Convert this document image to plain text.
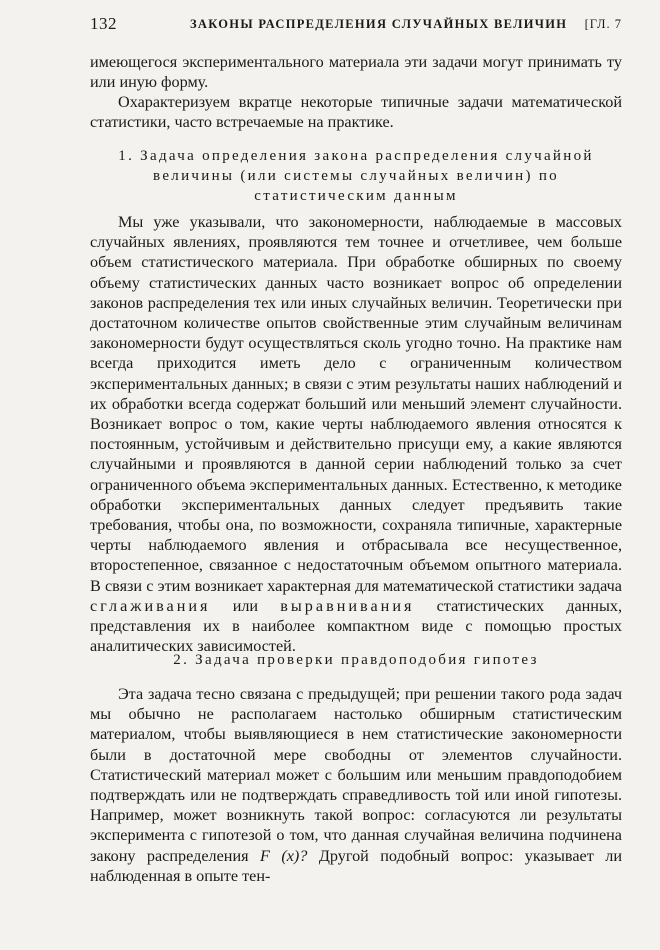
132	ЗАКОНЫ РАСПРЕДЕЛЕНИЯ СЛУЧАЙНЫХ ВЕЛИЧИН [ГЛ. 7

имеющегося экспериментального материала эти задачи могут принимать ту или иную форму.

Охарактеризуем вкратце некоторые типичные задачи математической статистики, часто встречаемые на практике.

1. Задача определения закона распределения случайной величины (или системы случайных величин) по статистическим данным

Мы уже указывали, что закономерности, наблюдаемые в массовых случайных явлениях, проявляются тем точнее и отчетливее, чем больше объем статистического материала. При обработке обширных по своему объему статистических данных часто возникает вопрос об определении законов распределения тех или иных случайных величин. Теоретически при достаточном количестве опытов свойственные этим случайным величинам закономерности будут осуществляться сколь угодно точно. На практике нам всегда приходится иметь дело с ограниченным количеством экспериментальных данных; в связи с этим результаты наших наблюдений и их обработки всегда содержат больший или меньший элемент случайности. Возникает вопрос о том, какие черты наблюдаемого явления относятся к постоянным, устойчивым и действительно присущи ему, а какие являются случайными и проявляются в данной серии наблюдений только за счет ограниченного объема экспериментальных данных. Естественно, к методике обработки экспериментальных данных следует предъявить такие требования, чтобы она, по возможности, сохраняла типичные, характерные черты наблюдаемого явления и отбрасывала все несущественное, второстепенное, связанное с недостаточным объемом опытного материала. В связи с этим возникает характерная для математической статистики задача сглаживания или выравнивания статистических данных, представления их в наиболее компактном виде с помощью простых аналитических зависимостей.

2. Задача проверки правдоподобия гипотез

Эта задача тесно связана с предыдущей; при решении такого рода задач мы обычно не располагаем настолько обширным статистическим материалом, чтобы выявляющиеся в нем статистические закономерности были в достаточной мере свободны от элементов случайности. Статистический материал может с большим или меньшим правдоподобием подтверждать или не подтверждать справедливость той или иной гипотезы. Например, может возникнуть такой вопрос: согласуются ли результаты эксперимента с гипотезой о том, что данная случайная величина подчинена закону распределения F (x)? Другой подобный вопрос: указывает ли наблюденная в опыте тен-
